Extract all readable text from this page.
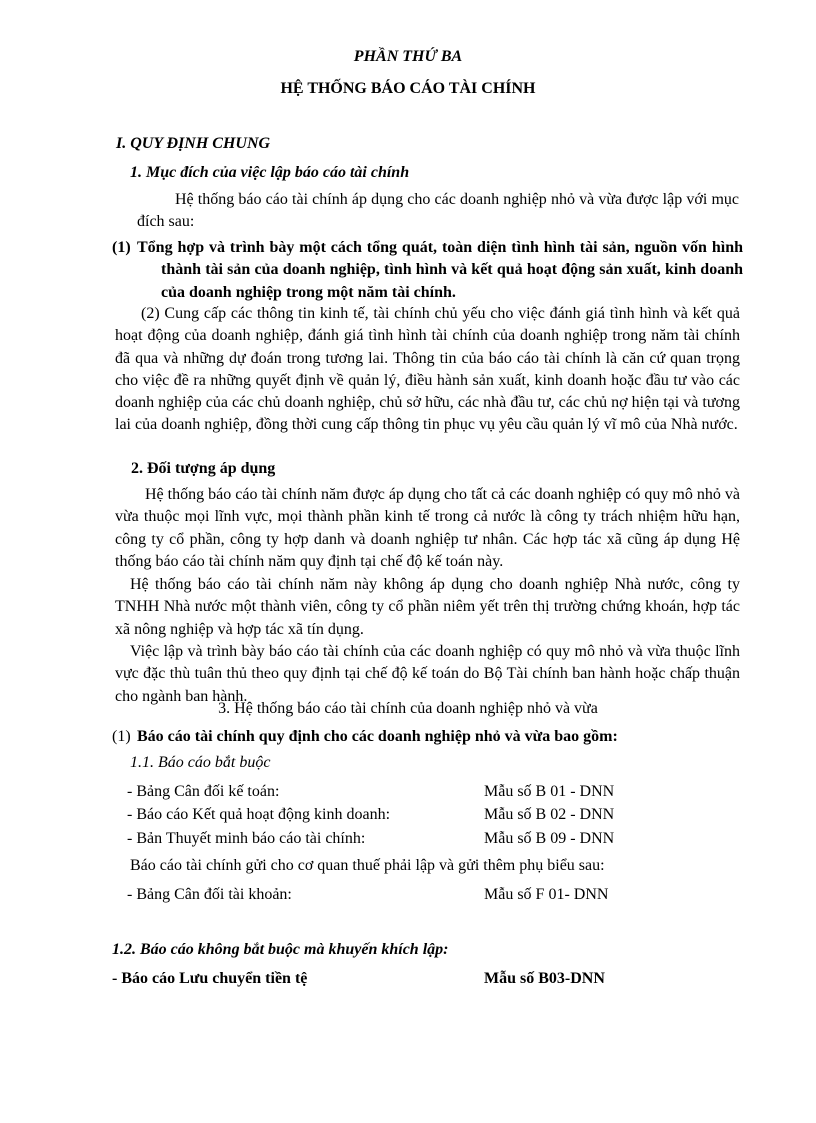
PHẦN THỨ BA
HỆ THỐNG BÁO CÁO TÀI CHÍNH
I. QUY ĐỊNH CHUNG
1. Mục đích của việc lập báo cáo tài chính
Hệ thống báo cáo tài chính áp dụng cho các doanh nghiệp nhỏ và vừa được lập với mục đích sau:
(1) Tổng hợp và trình bày một cách tổng quát, toàn diện tình hình tài sản, nguồn vốn hình thành tài sản của doanh nghiệp, tình hình và kết quả hoạt động sản xuất, kinh doanh của doanh nghiệp trong một năm tài chính.
(2) Cung cấp các thông tin kinh tế, tài chính chủ yếu cho việc đánh giá tình hình và kết quả hoạt động của doanh nghiệp, đánh giá tình hình tài chính của doanh nghiệp trong năm tài chính đã qua và những dự đoán trong tương lai. Thông tin của báo cáo tài chính là căn cứ quan trọng cho việc đề ra những quyết định về quản lý, điều hành sản xuất, kinh doanh hoặc đầu tư vào các doanh nghiệp của các chủ doanh nghiệp, chủ sở hữu, các nhà đầu tư, các chủ nợ hiện tại và tương lai của doanh nghiệp, đồng thời cung cấp thông tin phục vụ yêu cầu quản lý vĩ mô của Nhà nước.
2. Đối tượng áp dụng
Hệ thống báo cáo tài chính năm được áp dụng cho tất cả các doanh nghiệp có quy mô nhỏ và vừa thuộc mọi lĩnh vực, mọi thành phần kinh tế trong cả nước là công ty trách nhiệm hữu hạn, công ty cổ phần, công ty hợp danh và doanh nghiệp tư nhân. Các hợp tác xã cũng áp dụng Hệ thống báo cáo tài chính năm quy định tại chế độ kế toán này.
Hệ thống báo cáo tài chính năm này không áp dụng cho doanh nghiệp Nhà nước, công ty TNHH Nhà nước một thành viên, công ty cổ phần niêm yết trên thị trường chứng khoán, hợp tác xã nông nghiệp và hợp tác xã tín dụng.
Việc lập và trình bày báo cáo tài chính của các doanh nghiệp có quy mô nhỏ và vừa thuộc lĩnh vực đặc thù tuân thủ theo quy định tại chế độ kế toán do Bộ Tài chính ban hành hoặc chấp thuận cho ngành ban hành.
3. Hệ thống báo cáo tài chính của doanh nghiệp nhỏ và vừa
(1) Báo cáo tài chính quy định cho các doanh nghiệp nhỏ và vừa bao gồm:
1.1. Báo cáo bắt buộc
- Bảng Cân đối kế toán:	Mẫu số B 01 - DNN
- Báo cáo Kết quả hoạt động kinh doanh:	Mẫu số B 02 - DNN
- Bản Thuyết minh báo cáo tài chính:	Mẫu số B 09 - DNN
Báo cáo tài chính gửi cho cơ quan thuế phải lập và gửi thêm phụ biểu sau:
- Bảng Cân đối tài khoản:	Mẫu số F 01- DNN
1.2. Báo cáo không bắt buộc mà khuyến khích lập:
- Báo cáo Lưu chuyển tiền tệ	Mẫu số B03-DNN
